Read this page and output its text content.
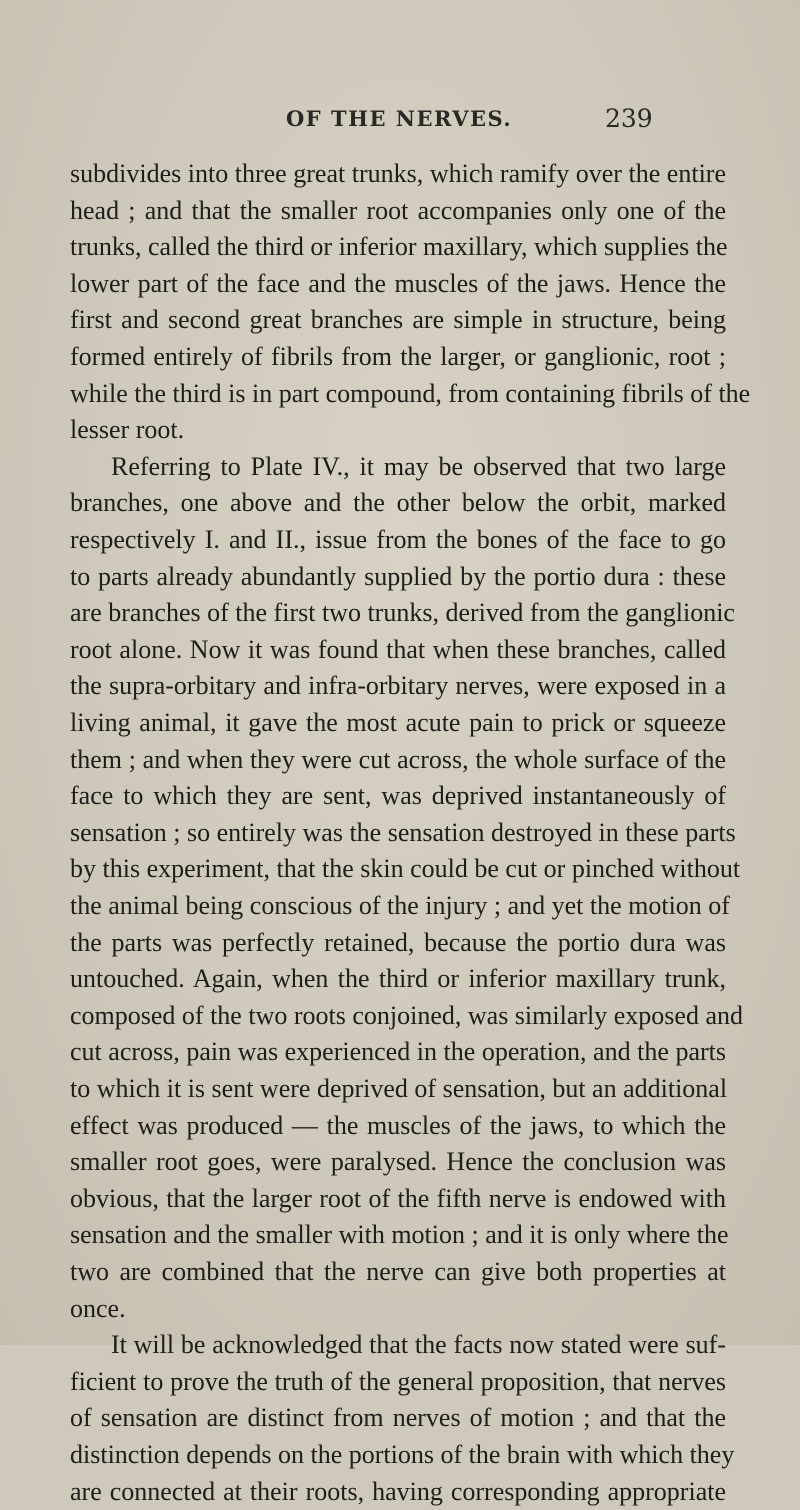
OF THE NERVES.	239
subdivides into three great trunks, which ramify over the entire
head ; and that the smaller root accompanies only one of the
trunks, called the third or inferior maxillary, which supplies the
lower part of the face and the muscles of the jaws. Hence the
first and second great branches are simple in structure, being
formed entirely of fibrils from the larger, or ganglionic, root ;
while the third is in part compound, from containing fibrils of the
lesser root.
Referring to Plate IV., it may be observed that two large
branches, one above and the other below the orbit, marked
respectively I. and II., issue from the bones of the face to go
to parts already abundantly supplied by the portio dura : these
are branches of the first two trunks, derived from the ganglionic
root alone. Now it was found that when these branches, called
the supra-orbitary and infra-orbitary nerves, were exposed in a
living animal, it gave the most acute pain to prick or squeeze
them ; and when they were cut across, the whole surface of the
face to which they are sent, was deprived instantaneously of
sensation ; so entirely was the sensation destroyed in these parts
by this experiment, that the skin could be cut or pinched without
the animal being conscious of the injury ; and yet the motion of
the parts was perfectly retained, because the portio dura was
untouched. Again, when the third or inferior maxillary trunk,
composed of the two roots conjoined, was similarly exposed and
cut across, pain was experienced in the operation, and the parts
to which it is sent were deprived of sensation, but an additional
effect was produced — the muscles of the jaws, to which the
smaller root goes, were paralysed. Hence the conclusion was
obvious, that the larger root of the fifth nerve is endowed with
sensation and the smaller with motion ; and it is only where the
two are combined that the nerve can give both properties at
once.
It will be acknowledged that the facts now stated were suf-
ficient to prove the truth of the general proposition, that nerves
of sensation are distinct from nerves of motion ; and that the
distinction depends on the portions of the brain with which they
are connected at their roots, having corresponding appropriate
